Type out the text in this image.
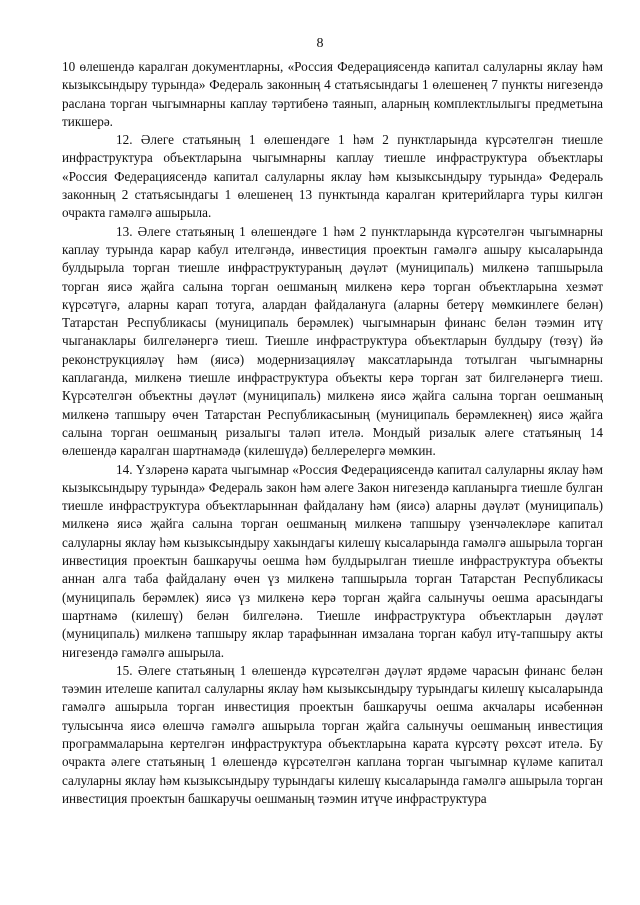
8

10 өлешендә каралган документларны, «Россия Федерациясендә капитал салуларны яклау һәм кызыксындыру турында» Федераль законның 4 статьясындагы 1 өлешенең 7 пункты нигезендә раслана торган чыгымнарны каплау тәртибенә таянып, аларның комплектлылыгы предметына тикшерә.

12. Әлеге статьяның 1 өлешендәге 1 һәм 2 пунктларында күрсәтелгән тиешле инфраструктура объектларына чыгымнарны каплау тиешле инфраструктура объектлары «Россия Федерациясендә капитал салуларны яклау һәм кызыксындыру турында» Федераль законның 2 статьясындагы 1 өлешенең 13 пунктында каралган критерийларга туры килгән очракта гамәлгә ашырыла.

13. Әлеге статьяның 1 өлешендәге 1 һәм 2 пунктларында күрсәтелгән чыгымнарны каплау турында карар кабул ителгәндә, инвестиция проектын гамәлгә ашыру кысаларында булдырыла торган тиешле инфраструктураның дәүләт (муниципаль) милкенә тапшырыла торган яисә җайга салына торган оешманың милкенә керә торган объектларына хезмәт күрсәтүгә, аларны карап тотуга, алардан файдалануга (аларны бетерү мөмкинлеге белән) Татарстан Республикасы (муниципаль берәмлек) чыгымнарын финанс белән тәэмин итү чыганаклары билгеләнергә тиеш. Тиешле инфраструктура объектларын булдыру (төзү) йә реконструкцияләү һәм (яисә) модернизацияләү максатларында тотылган чыгымнарны каплаганда, милкенә тиешле инфраструктура объекты керә торган зат билгеләнергә тиеш. Күрсәтелгән объектны дәүләт (муниципаль) милкенә яисә җайга салына торган оешманың милкенә тапшыру өчен Татарстан Республикасының (муниципаль берәмлекнең) яисә җайга салына торган оешманың ризалыгы таләп ителә. Мондый ризалык әлеге статьяның 14 өлешендә каралган шартнамәдә (килешүдә) беллерелергә мөмкин.

14. Үзләренә карата чыгымнар «Россия Федерациясендә капитал салуларны яклау һәм кызыксындыру турында» Федераль закон һәм әлеге Закон нигезендә капланырга тиешле булган тиешле инфраструктура объектларыннан файдалану һәм (яисә) аларны дәүләт (муниципаль) милкенә яисә җайга салына торган оешманың милкенә тапшыру үзенчәлекләре капитал салуларны яклау һәм кызыксындыру хакындагы килешү кысаларында гамәлгә ашырыла торган инвестиция проектын башкаручы оешма һәм булдырылган тиешле инфраструктура объекты аннан алга таба файдалану өчен үз милкенә тапшырыла торган Татарстан Республикасы (муниципаль берәмлек) яисә үз милкенә керә торган җайга салынучы оешма арасындагы шартнамә (килешү) белән билгеләнә. Тиешле инфраструктура объектларын дәүләт (муниципаль) милкенә тапшыру яклар тарафыннан имзалана торган кабул итү-тапшыру акты нигезендә гамәлгә ашырыла.

15. Әлеге статьяның 1 өлешендә күрсәтелгән дәүләт ярдәме чарасын финанс белән тәэмин ителеше капитал салуларны яклау һәм кызыксындыру турындагы килешү кысаларында гамәлгә ашырыла торган инвестиция проектын башкаручы оешма акчалары исәбеннән тулысынча яисә өлешчә гамәлгә ашырыла торган җайга салынучы оешманың инвестиция программаларына кертелгән инфраструктура объектларына карата күрсәтү рөхсәт ителә. Бу очракта әлеге статьяның 1 өлешендә күрсәтелгән каплана торган чыгымнар күләме капитал салуларны яклау һәм кызыксындыру турындагы килешү кысаларында гамәлгә ашырыла торган инвестиция проектын башкаручы оешманың тәэмин итүче инфраструктура
